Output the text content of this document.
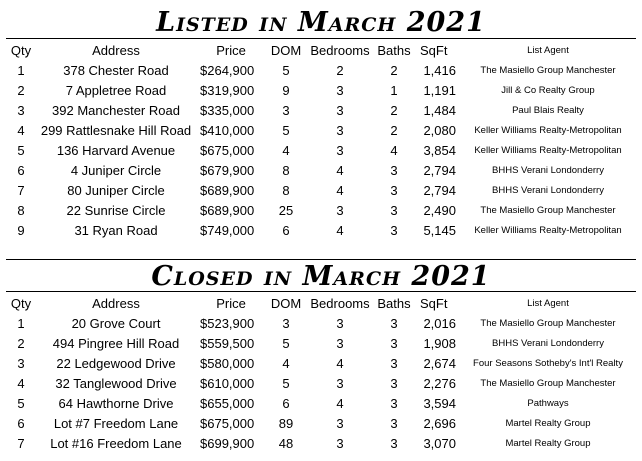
Listed in March 2021
Qty	Address	Price	DOM	Bedrooms	Baths	SqFt	List Agent
1	378 Chester Road	$264,900	5	2	2	1,416	The Masiello Group Manchester
2	7 Appletree Road	$319,900	9	3	1	1,191	Jill & Co Realty Group
3	392 Manchester Road	$335,000	3	3	2	1,484	Paul Blais Realty
4	299 Rattlesnake Hill Road	$410,000	5	3	2	2,080	Keller Williams Realty-Metropolitan
5	136 Harvard Avenue	$675,000	4	3	4	3,854	Keller Williams Realty-Metropolitan
6	4 Juniper Circle	$679,900	8	4	3	2,794	BHHS Verani Londonderry
7	80 Juniper Circle	$689,900	8	4	3	2,794	BHHS Verani Londonderry
8	22 Sunrise Circle	$689,900	25	3	3	2,490	The Masiello Group Manchester
9	31 Ryan Road	$749,000	6	4	3	5,145	Keller Williams Realty-Metropolitan
Closed in March 2021
Qty	Address	Price	DOM	Bedrooms	Baths	SqFt	List Agent
1	20 Grove Court	$523,900	3	3	3	2,016	The Masiello Group Manchester
2	494 Pingree Hill Road	$559,500	5	3	3	1,908	BHHS Verani Londonderry
3	22 Ledgewood Drive	$580,000	4	4	3	2,674	Four Seasons Sotheby's Int'l Realty
4	32 Tanglewood Drive	$610,000	5	3	3	2,276	The Masiello Group Manchester
5	64 Hawthorne Drive	$655,000	6	4	3	3,594	Pathways
6	Lot #7 Freedom Lane	$675,000	89	3	3	2,696	Martel Realty Group
7	Lot #16 Freedom Lane	$699,900	48	3	3	3,070	Martel Realty Group
